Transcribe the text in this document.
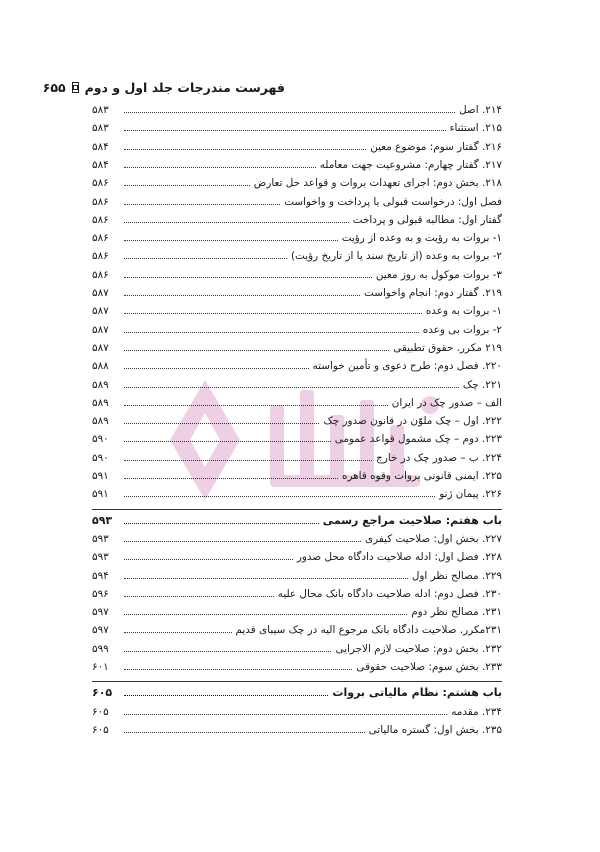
فهرست مندرجات جلد اول و دوم
۶۵۵
۲۱۴. اصل
۵۸۳
۲۱۵. استثناء
۵۸۳
۲۱۶. گفتار سوم: موضوع معین
۵۸۴
۲۱۷. گفتار چهارم: مشروعیت جهت معامله
۵۸۴
۲۱۸. بخش دوم: اجرای تعهدات بروات و قواعد حل تعارض
۵۸۶
فصل اول: درخواست قبولی یا پرداخت و واخواست
۵۸۶
گفتار اول: مطالبه قبولی و پرداخت
۵۸۶
۱- بروات به رؤیت و به وعده از رؤیت
۵۸۶
۲- بروات به وعده (از تاریخ سند یا از تاریخ رؤیت)
۵۸۶
۳- بروات موکول به روز معین
۵۸۶
۲۱۹. گفتار دوم: انجام واخواست
۵۸۷
۱- بروات به وعده
۵۸۷
۲- بروات بی وعده
۵۸۷
۲۱۹ مکرر. حقوق تطبیقی
۵۸۷
۲۲۰. فصل دوم: طرح دعوی و تأمین خواسته
۵۸۸
۲۲۱. چک
۵۸۹
الف – صدور چک در ایران
۵۸۹
۲۲۲. اول – چک ملوّن در قانون صدور چک
۵۸۹
۲۲۳. دوم – چک مشمول قواعد عمومی
۵۹۰
۲۲۴. ب – صدور چک در خارج
۵۹۰
۲۲۵. ایمنی قانونی بروات وقوه قاهره
۵۹۱
۲۲۶. پیمان ژنو
۵۹۱
باب هفتم: صلاحیت مراجع رسمی
۵۹۳
۲۲۷. بخش اول: صلاحیت کیفری
۵۹۳
۲۲۸. فصل اول: ادله صلاحیت دادگاه محل صدور
۵۹۳
۲۲۹. مصالح نظر اول
۵۹۴
۲۳۰. فصل دوم: ادله صلاحیت دادگاه بانک محال علیه
۵۹۶
۲۳۱. مصالح نظر دوم
۵۹۷
۲۳۱مکرر. صلاحیت دادگاه بانک مرجوع الیه در چک سیبای قدیم
۵۹۷
۲۳۲. بخش دوم: صلاحیت لازم الاجرایی
۵۹۹
۲۳۳. بخش سوم: صلاحیت حقوقی
۶۰۱
باب هشتم: نظام مالیاتی بروات
۶۰۵
۲۳۴. مقدمه
۶۰۵
۲۳۵. بخش اول: گستره مالیاتی
۶۰۵
